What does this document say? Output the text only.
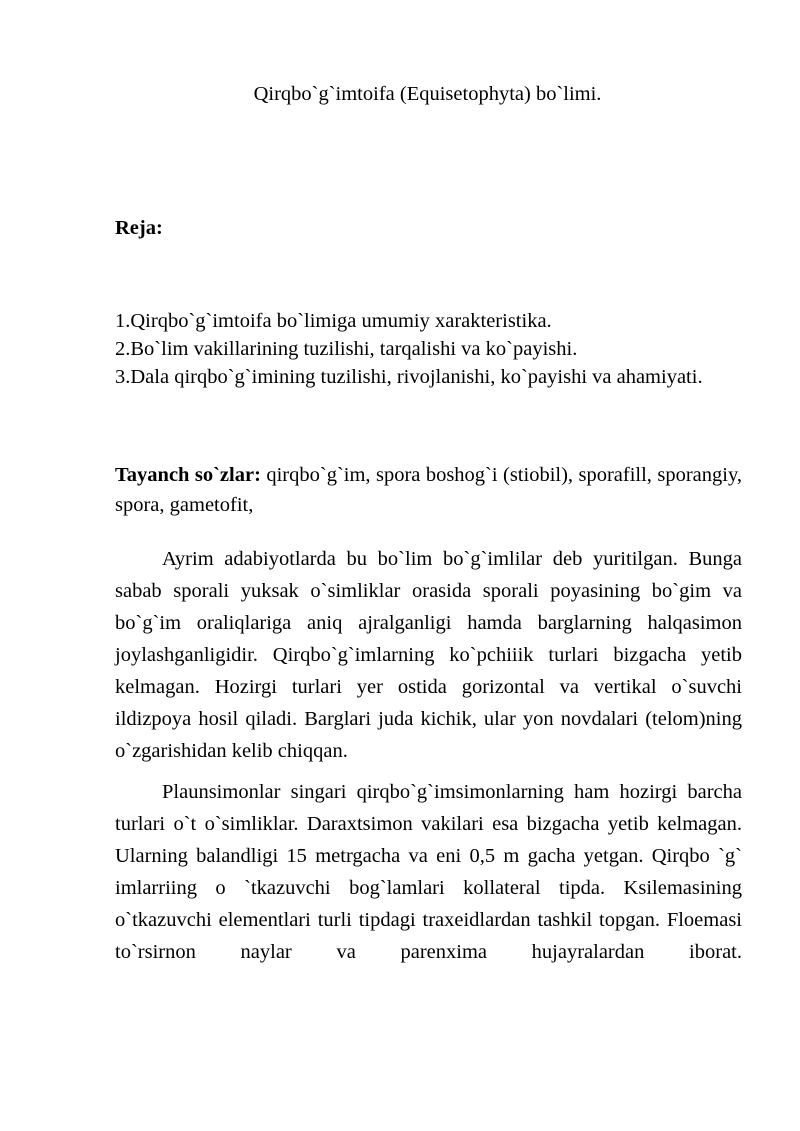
Qirqbo`g`imtoifa (Equisetophyta) bo`limi.
Reja:
1.Qirqbo`g`imtoifa bo`limiga umumiy xarakteristika.
2.Bo`lim vakillarining tuzilishi, tarqalishi va ko`payishi.
3.Dala qirqbo`g`imining tuzilishi, rivojlanishi, ko`payishi va ahamiyati.
Tayanch so`zlar: qirqbo`g`im, spora boshog`i (stiobil), sporafill, sporangiy, spora, gametofit,

Ayrim adabiyotlarda bu bo`lim bo`g`imlilar deb yuritilgan. Bunga sabab sporali yuksak o`simliklar orasida sporali poyasining bo`gim va bo`g`im oraliqlariga aniq ajralganligi hamda barglarning halqasimon joylashganligidir. Qirqbo`g`imlarning ko`pchiiik turlari bizgacha yetib kelmagan. Hozirgi turlari yer ostida gorizontal va vertikal o`suvchi ildizpoya hosil qiladi. Barglari juda kichik, ular yon novdalari (telom)ning o`zgarishidan kelib chiqqan.

Plaunsimonlar singari qirqbo`g`imsimonlarning ham hozirgi barcha turlari o`t o`simliklar. Daraxtsimon vakilari esa bizgacha yetib kelmagan. Ularning balandligi 15 metrgacha va eni 0,5 m gacha yetgan. Qirqbo `g` imlarriing o `tkazuvchi bog`lamlari kollateral tipda. Ksilemasining o`tkazuvchi elementlari turli tipdagi traxeidlardan tashkil topgan. Floemasi to`rsirnon naylar va parenxima hujayralardan iborat.
